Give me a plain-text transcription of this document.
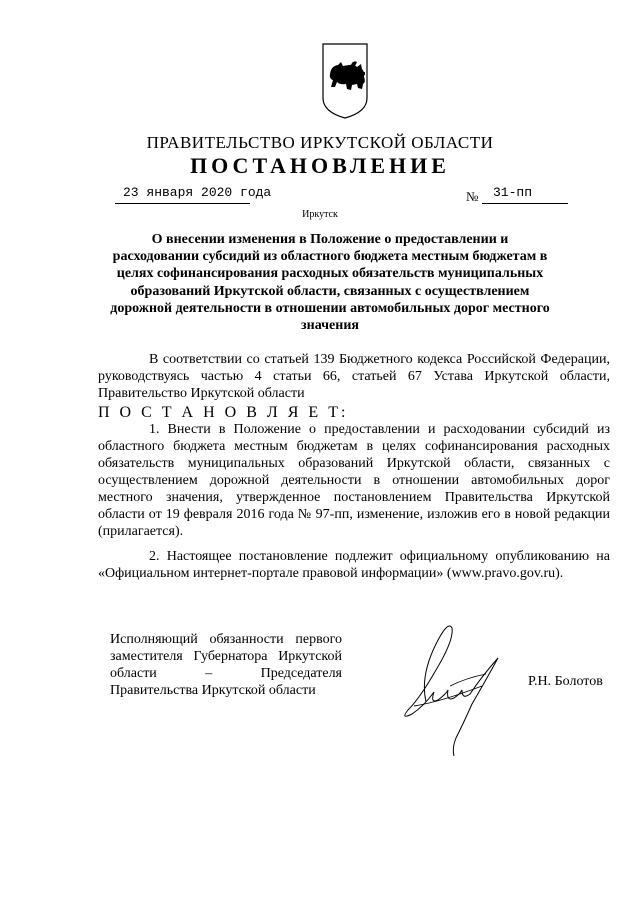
ПРАВИТЕЛЬСТВО ИРКУТСКОЙ ОБЛАСТИ
ПОСТАНОВЛЕНИЕ
23 января 2020 года	№ 31-пп
Иркутск
О внесении изменения в Положение о предоставлении и расходовании субсидий из областного бюджета местным бюджетам в целях софинансирования расходных обязательств муниципальных образований Иркутской области, связанных с осуществлением дорожной деятельности в отношении автомобильных дорог местного значения
В соответствии со статьей 139 Бюджетного кодекса Российской Федерации, руководствуясь частью 4 статьи 66, статьей 67 Устава Иркутской области, Правительство Иркутской области
П О С Т А Н О В Л Я Е Т:
1. Внести в Положение о предоставлении и расходовании субсидий из областного бюджета местным бюджетам в целях софинансирования расходных обязательств муниципальных образований Иркутской области, связанных с осуществлением дорожной деятельности в отношении автомобильных дорог местного значения, утвержденное постановлением Правительства Иркутской области от 19 февраля 2016 года № 97-пп, изменение, изложив его в новой редакции (прилагается).
2. Настоящее постановление подлежит официальному опубликованию на «Официальном интернет-портале правовой информации» (www.pravo.gov.ru).
Исполняющий обязанности первого заместителя Губернатора Иркутской области – Председателя Правительства Иркутской области
Р.Н. Болотов
